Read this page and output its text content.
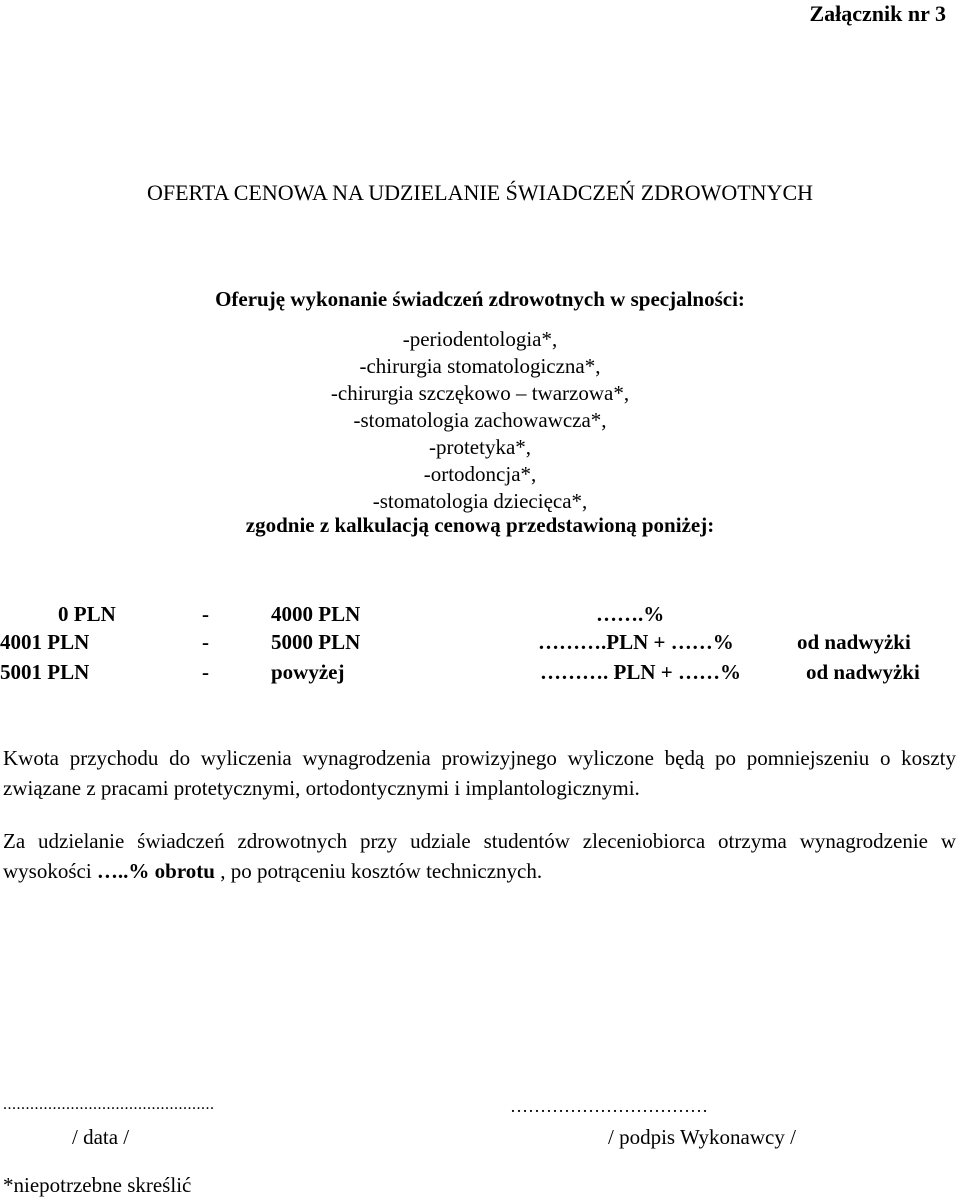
Załącznik nr 3
OFERTA CENOWA NA UDZIELANIE ŚWIADCZEŃ ZDROWOTNYCH
Oferuję wykonanie świadczeń zdrowotnych w specjalności:
-periodentologia*,
-chirurgia stomatologiczna*,
-chirurgia szczękowo – twarzowa*,
-stomatologia zachowawcza*,
-protetyka*,
-ortodoncja*,
-stomatologia dziecięca*,
zgodnie z kalkulacją cenową przedstawioną poniżej:
0 PLN	-	4000 PLN	…….%
4001 PLN	-	5000 PLN	……….PLN + ……%	od nadwyżki
5001 PLN	-	powyżej	………. PLN + ……%	od nadwyżki

Kwota przychodu do wyliczenia wynagrodzenia prowizyjnego wyliczone będą po pomniejszeniu o koszty związane z pracami protetycznymi, ortodontycznymi i implantologicznymi.

Za udzielanie świadczeń zdrowotnych przy udziale studentów zleceniobiorca otrzyma wynagrodzenie w wysokości …..% obrotu , po potrąceniu kosztów technicznych.

...............................................	……………………………
/ data /	/ podpis Wykonawcy /
*niepotrzebne skreślić
